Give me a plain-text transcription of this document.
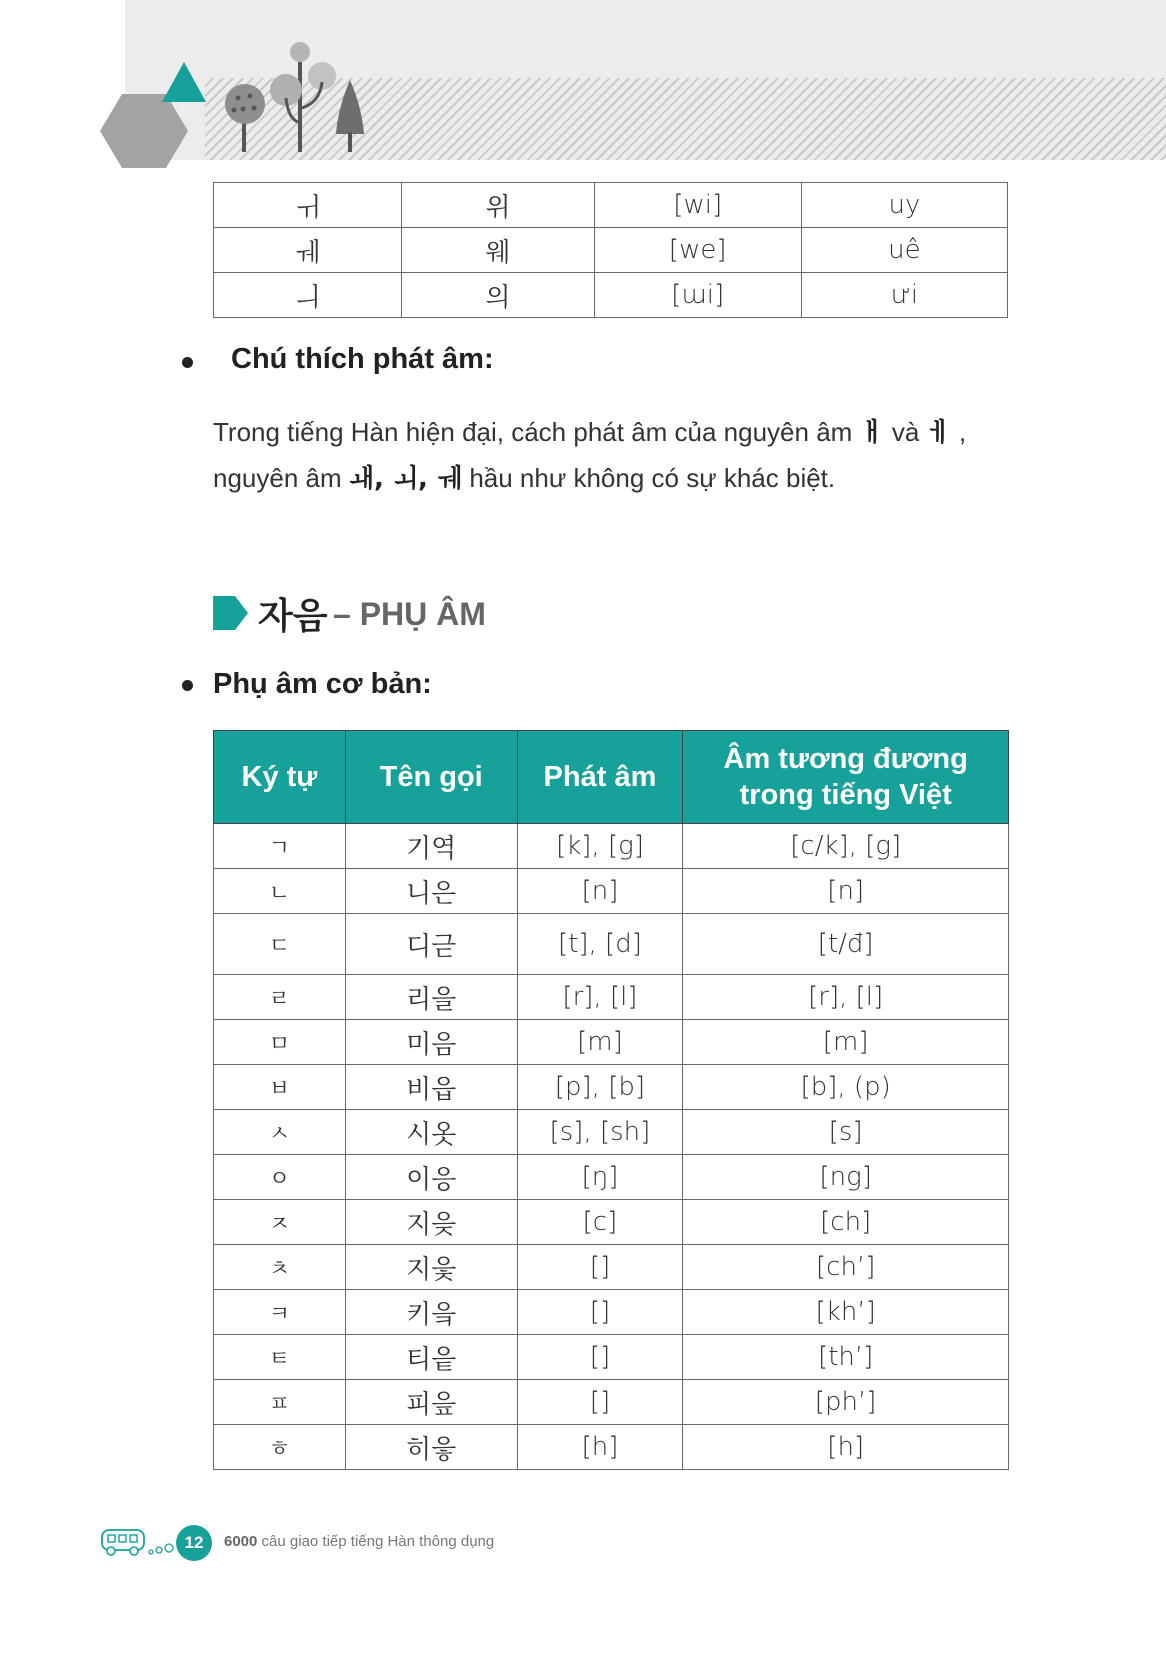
ㅟ	위	[wi]	uy
ㅞ	웨	[we]	uê
ㅢ	의	[ɯi]	ưi
Chú thích phát âm:
Trong tiếng Hàn hiện đại, cách phát âm của nguyên âm ㅐ và ㅔ ,
nguyên âm ㅙ, ㅚ, ㅞ hầu như không có sự khác biệt.
자음 – PHỤ ÂM
Phụ âm cơ bản:
Ký tự	Tên gọi	Phát âm	Âm tương đương trong tiếng Việt
ㄱ	기역	[k], [g]	[c/k], [g]
ㄴ	니은	[n]	[n]
ㄷ	디귿	[t], [d]	[t/đ]
ㄹ	리을	[r], [l]	[r], [l]
ㅁ	미음	[m]	[m]
ㅂ	비읍	[p], [b]	[b], (p)
ㅅ	시옷	[s], [sh]	[s]
ㅇ	이응	[ŋ]	[ng]
ㅈ	지읒	[c]	[ch]
ㅊ	지읓	[]	[ch’]
ㅋ	키읔	[]	[kh’]
ㅌ	티읕	[]	[th’]
ㅍ	피읖	[]	[ph’]
ㅎ	히읗	[h]	[h]
12	6000 câu giao tiếp tiếng Hàn thông dụng
